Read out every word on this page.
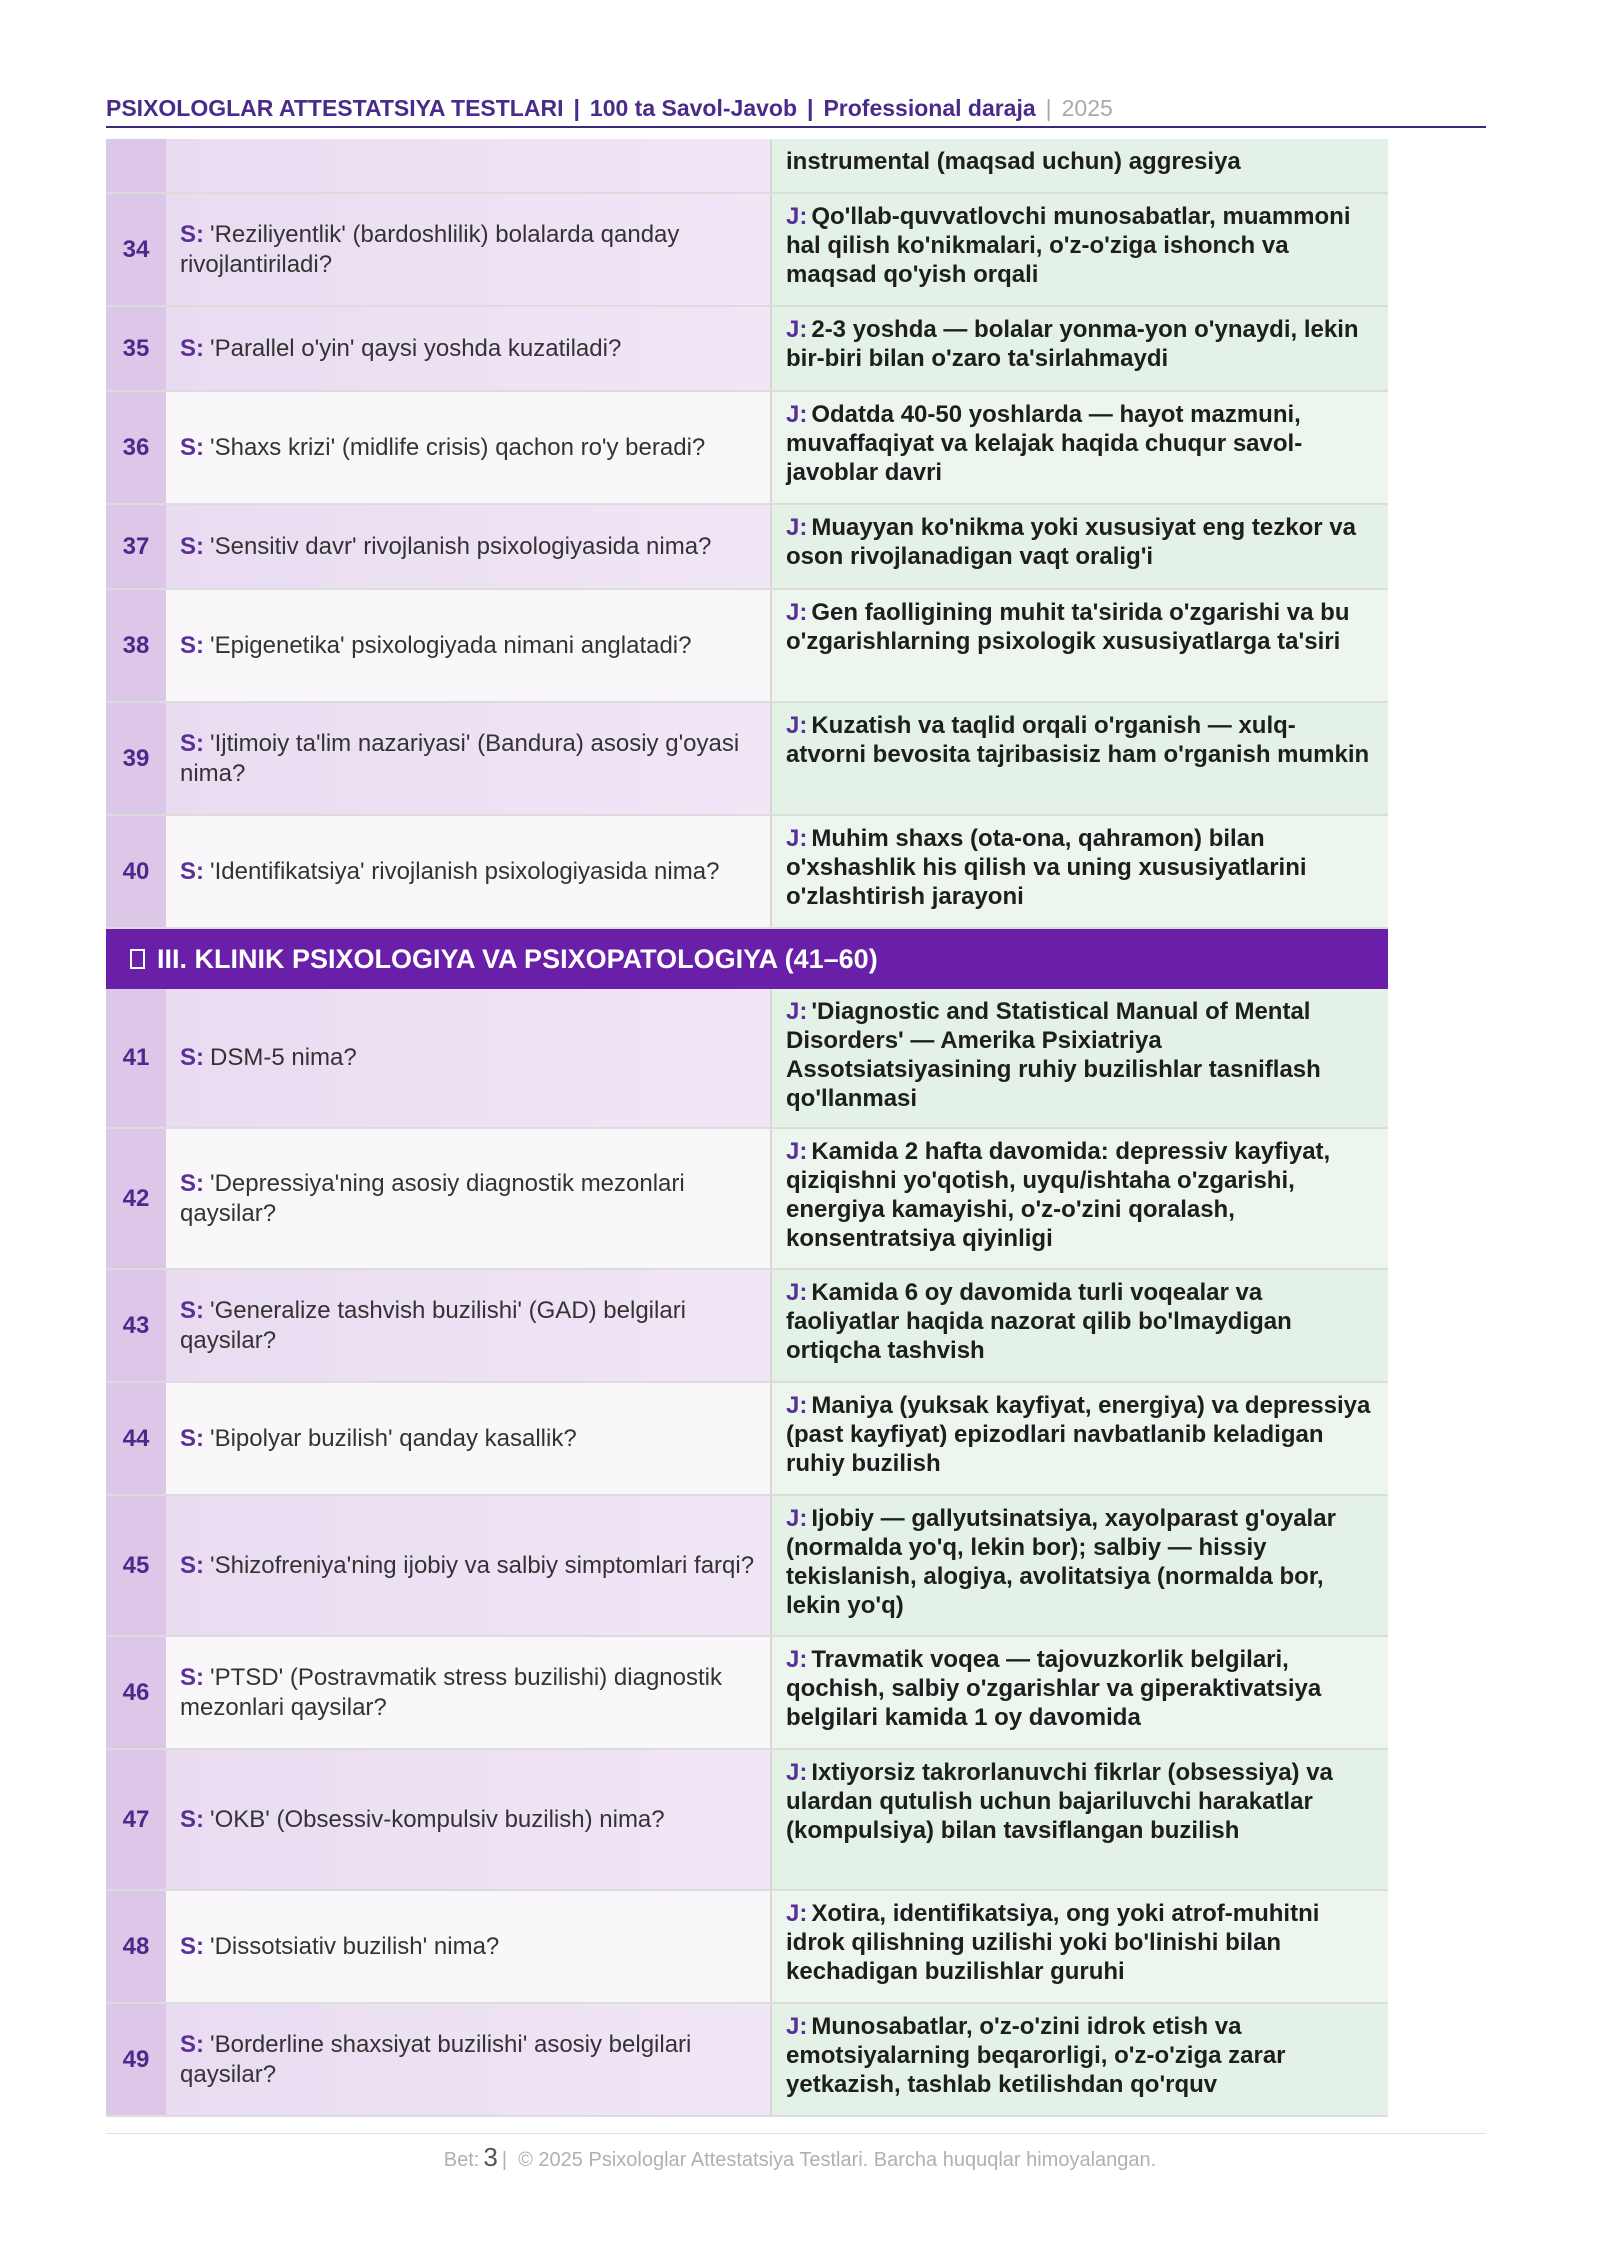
PSIXOLOGLAR ATTESTATSIYA TESTLARI | 100 ta Savol-Javob | Professional daraja | 2025
instrumental (maqsad uchun) aggresiya
34
S: 'Reziliyentlik' (bardoshlilik) bolalarda qanday rivojlantiriladi?
J: Qo'llab-quvvatlovchi munosabatlar, muammoni hal qilish ko'nikmalari, o'z-o'ziga ishonch va maqsad qo'yish orqali
35	S: 'Parallel o'yin' qaysi yoshda kuzatiladi?
J: 2-3 yoshda — bolalar yonma-yon o'ynaydi, lekin bir-biri bilan o'zaro ta'sirlahmaydi
36	S: 'Shaxs krizi' (midlife crisis) qachon ro'y beradi?
J: Odatda 40-50 yoshlarda — hayot mazmuni, muvaffaqiyat va kelajak haqida chuqur savol-javoblar davri
37	S: 'Sensitiv davr' rivojlanish psixologiyasida nima?
J: Muayyan ko'nikma yoki xususiyat eng tezkor va oson rivojlanadigan vaqt oralig'i
38	S: 'Epigenetika' psixologiyada nimani anglatadi?
J: Gen faolligining muhit ta'sirida o'zgarishi va bu o'zgarishlarning psixologik xususiyatlarga ta'siri
39
S: 'Ijtimoiy ta'lim nazariyasi' (Bandura) asosiy g'oyasi nima?
J: Kuzatish va taqlid orqali o'rganish — xulq-atvorni bevosita tajribasisiz ham o'rganish mumkin
40	S: 'Identifikatsiya' rivojlanish psixologiyasida nima?
J: Muhim shaxs (ota-ona, qahramon) bilan o'xshashlik his qilish va uning xususiyatlarini o'zlashtirish jarayoni
III. KLINIK PSIXOLOGIYA VA PSIXOPATOLOGIYA (41–60)
41	S: DSM-5 nima?
J: 'Diagnostic and Statistical Manual of Mental Disorders' — Amerika Psixiatriya Assotsiatsiyasining ruhiy buzilishlar tasniflash qo'llanmasi
42
S: 'Depressiya'ning asosiy diagnostik mezonlari qaysilar?
J: Kamida 2 hafta davomida: depressiv kayfiyat, qiziqishni yo'qotish, uyqu/ishtaha o'zgarishi, energiya kamayishi, o'z-o'zini qoralash, konsentratsiya qiyinligi
43
S: 'Generalize tashvish buzilishi' (GAD) belgilari qaysilar?
J: Kamida 6 oy davomida turli voqealar va faoliyatlar haqida nazorat qilib bo'lmaydigan ortiqcha tashvish
44	S: 'Bipolyar buzilish' qanday kasallik?
J: Maniya (yuksak kayfiyat, energiya) va depressiya (past kayfiyat) epizodlari navbatlanib keladigan ruhiy buzilish
45	S: 'Shizofreniya'ning ijobiy va salbiy simptomlari farqi?
J: Ijobiy — gallyutsinatsiya, xayolparast g'oyalar (normalda yo'q, lekin bor); salbiy — hissiy tekislanish, alogiya, avolitatsiya (normalda bor, lekin yo'q)
46
S: 'PTSD' (Postravmatik stress buzilishi) diagnostik mezonlari qaysilar?
J: Travmatik voqea — tajovuzkorlik belgilari, qochish, salbiy o'zgarishlar va giperaktivatsiya belgilari kamida 1 oy davomida
47	S: 'OKB' (Obsessiv-kompulsiv buzilish) nima?
J: Ixtiyorsiz takrorlanuvchi fikrlar (obsessiya) va ulardan qutulish uchun bajariluvchi harakatlar (kompulsiya) bilan tavsiflangan buzilish
48	S: 'Dissotsiativ buzilish' nima?
J: Xotira, identifikatsiya, ong yoki atrof-muhitni idrok qilishning uzilishi yoki bo'linishi bilan kechadigan buzilishlar guruhi
49
S: 'Borderline shaxsiyat buzilishi' asosiy belgilari qaysilar?
J: Munosabatlar, o'z-o'zini idrok etish va emotsiyalarning beqarorligi, o'z-o'ziga zarar yetkazish, tashlab ketilishdan qo'rquv
Bet: 3 | © 2025 Psixologlar Attestatsiya Testlari. Barcha huquqlar himoyalangan.
